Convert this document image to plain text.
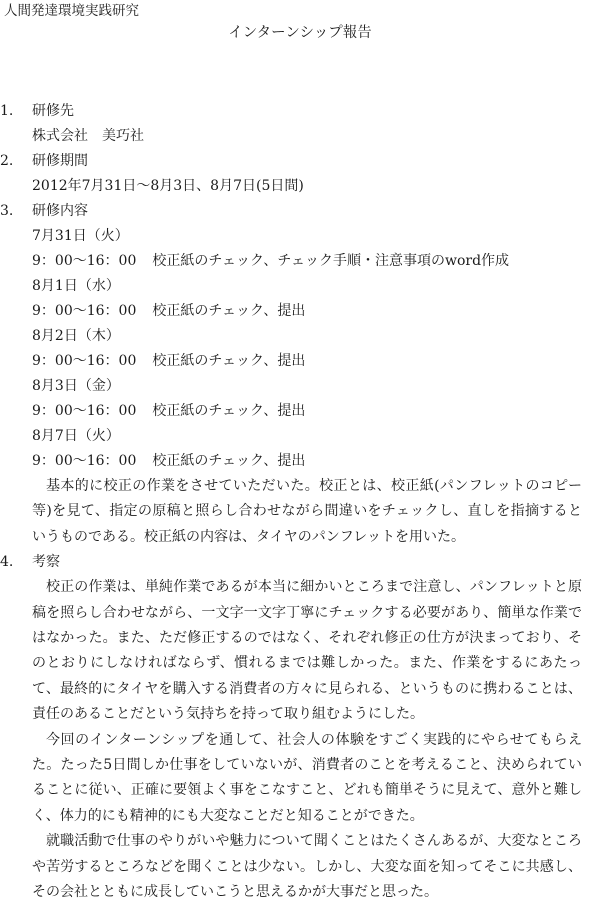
人間発達環境実践研究
インターンシップ報告
1. 研修先
株式会社　美巧社
2. 研修期間
2012年7月31日〜8月3日、8月7日(5日間)
3. 研修内容
7月31日（火）
9：00〜16：00 校正紙のチェック、チェック手順・注意事項のword作成
8月1日（水）
9：00〜16：00 校正紙のチェック、提出
8月2日（木）
9：00〜16：00 校正紙のチェック、提出
8月3日（金）
9：00〜16：00 校正紙のチェック、提出
8月7日（火）
9：00〜16：00 校正紙のチェック、提出
基本的に校正の作業をさせていただいた。校正とは、校正紙(パンフレットのコピー等)を見て、指定の原稿と照らし合わせながら間違いをチェックし、直しを指摘するというものである。校正紙の内容は、タイヤのパンフレットを用いた。
4. 考察
校正の作業は、単純作業であるが本当に細かいところまで注意し、パンフレットと原稿を照らし合わせながら、一文字一文字丁寧にチェックする必要があり、簡単な作業ではなかった。また、ただ修正するのではなく、それぞれ修正の仕方が決まっており、そのとおりにしなければならず、慣れるまでは難しかった。また、作業をするにあたって、最終的にタイヤを購入する消費者の方々に見られる、というものに携わることは、責任のあることだという気持ちを持って取り組むようにした。
今回のインターンシップを通して、社会人の体験をすごく実践的にやらせてもらえた。たった5日間しか仕事をしていないが、消費者のことを考えること、決められていることに従い、正確に要領よく事をこなすこと、どれも簡単そうに見えて、意外と難しく、体力的にも精神的にも大変なことだと知ることができた。
就職活動で仕事のやりがいや魅力について聞くことはたくさんあるが、大変なところや苦労するところなどを聞くことは少ない。しかし、大変な面を知ってそこに共感し、その会社とともに成長していこうと思えるかが大事だと思った。
